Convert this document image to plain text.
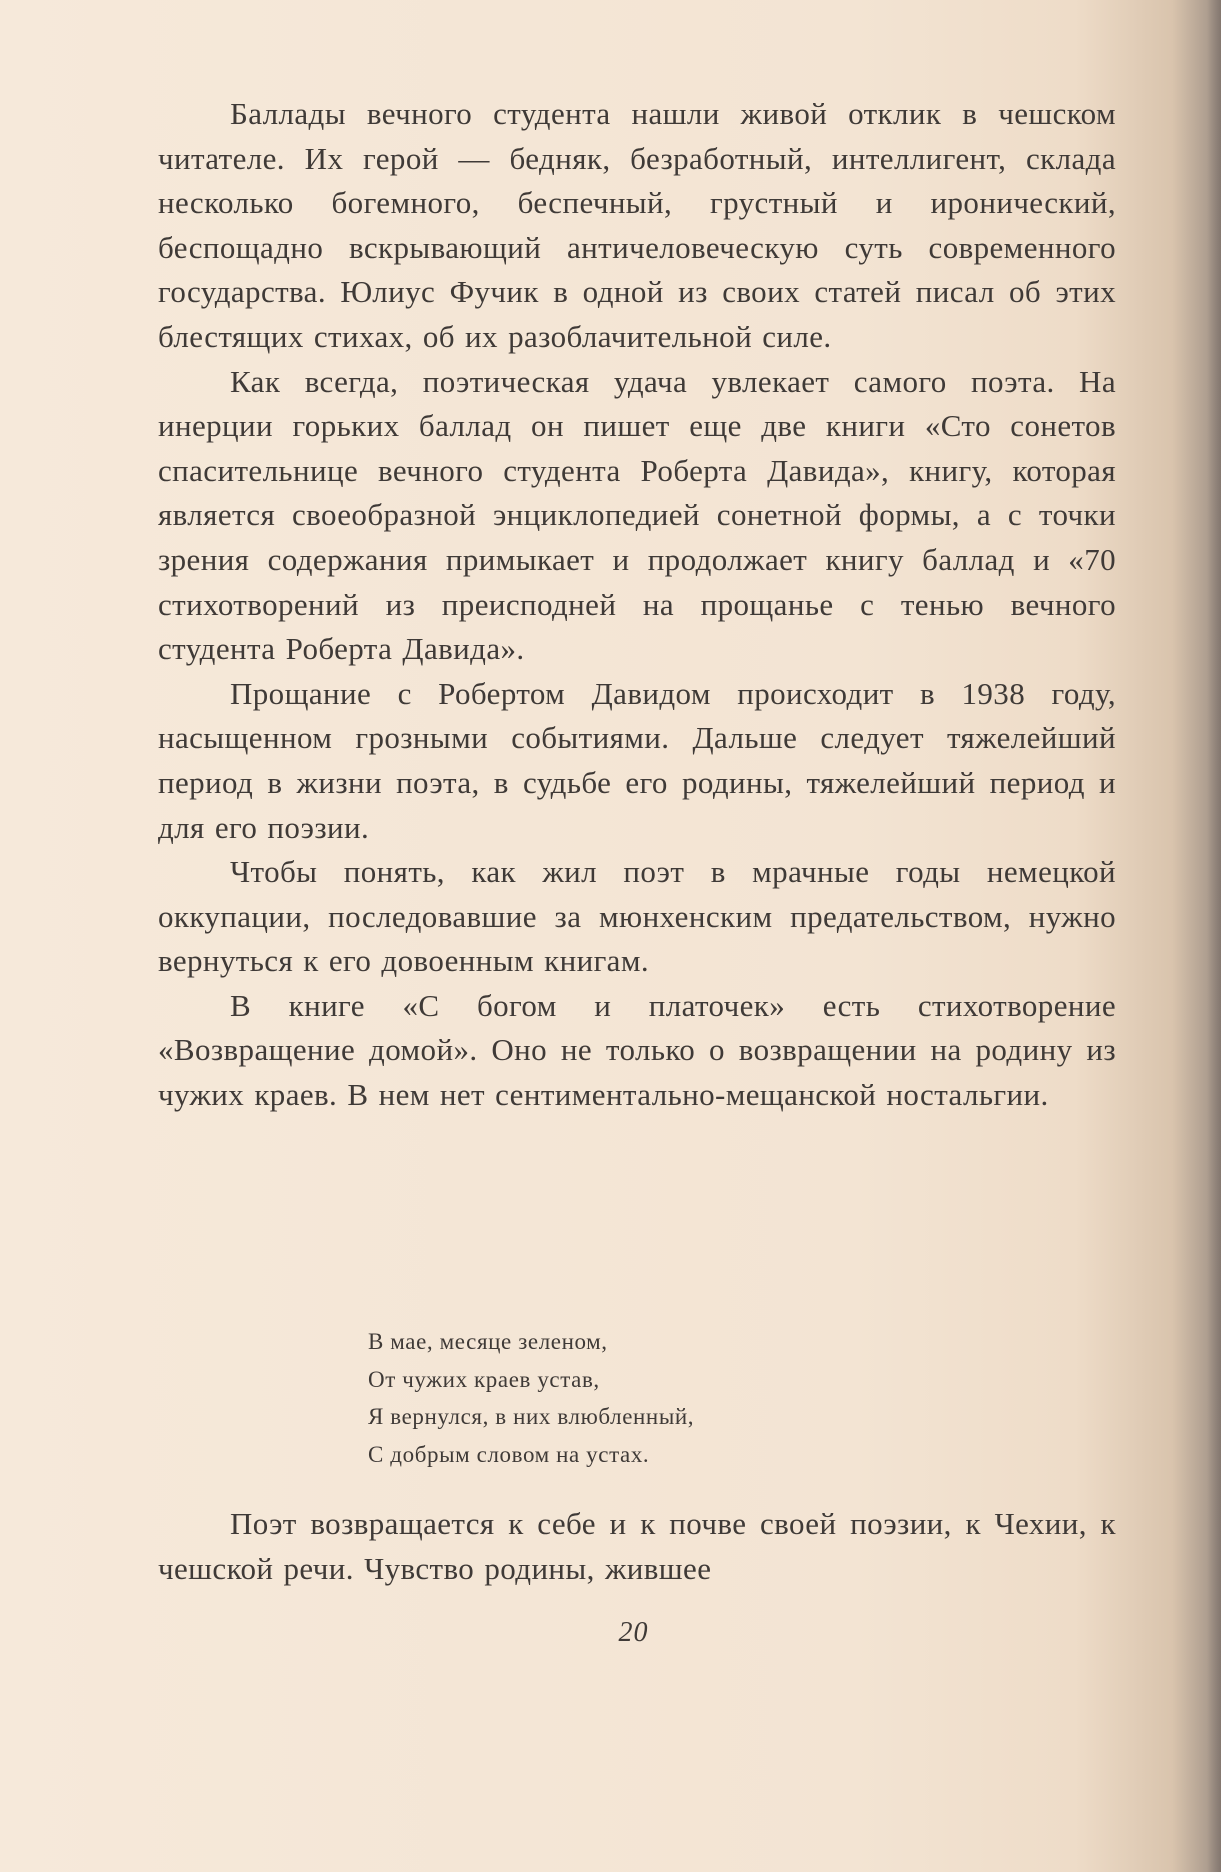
Баллады вечного студента нашли живой отклик в чешском читателе. Их герой — бедняк, безработный, интеллигент, склада несколько богемного, беспечный, грустный и иронический, беспощадно вскрывающий античеловеческую суть современного государства. Юлиус Фучик в одной из своих статей писал об этих блестящих стихах, об их разоблачительной силе.

Как всегда, поэтическая удача увлекает самого поэта. На инерции горьких баллад он пишет еще две книги «Сто сонетов спасительнице вечного студента Роберта Давида», книгу, которая является своеобразной энциклопедией сонетной формы, а с точки зрения содержания примыкает и продолжает книгу баллад и «70 стихотворений из преисподней на прощанье с тенью вечного студента Роберта Давида».

Прощание с Робертом Давидом происходит в 1938 году, насыщенном грозными событиями. Дальше следует тяжелейший период в жизни поэта, в судьбе его родины, тяжелейший период и для его поэзии.

Чтобы понять, как жил поэт в мрачные годы немецкой оккупации, последовавшие за мюнхенским предательством, нужно вернуться к его довоенным книгам.

В книге «С богом и платочек» есть стихотворение «Возвращение домой». Оно не только о возвращении на родину из чужих краев. В нем нет сентиментально-мещанской ностальгии.

В мае, месяце зеленом,
От чужих краев устав,
Я вернулся, в них влюбленный,
С добрым словом на устах.

Поэт возвращается к себе и к почве своей поэзии, к Чехии, к чешской речи. Чувство родины, жившее

20
